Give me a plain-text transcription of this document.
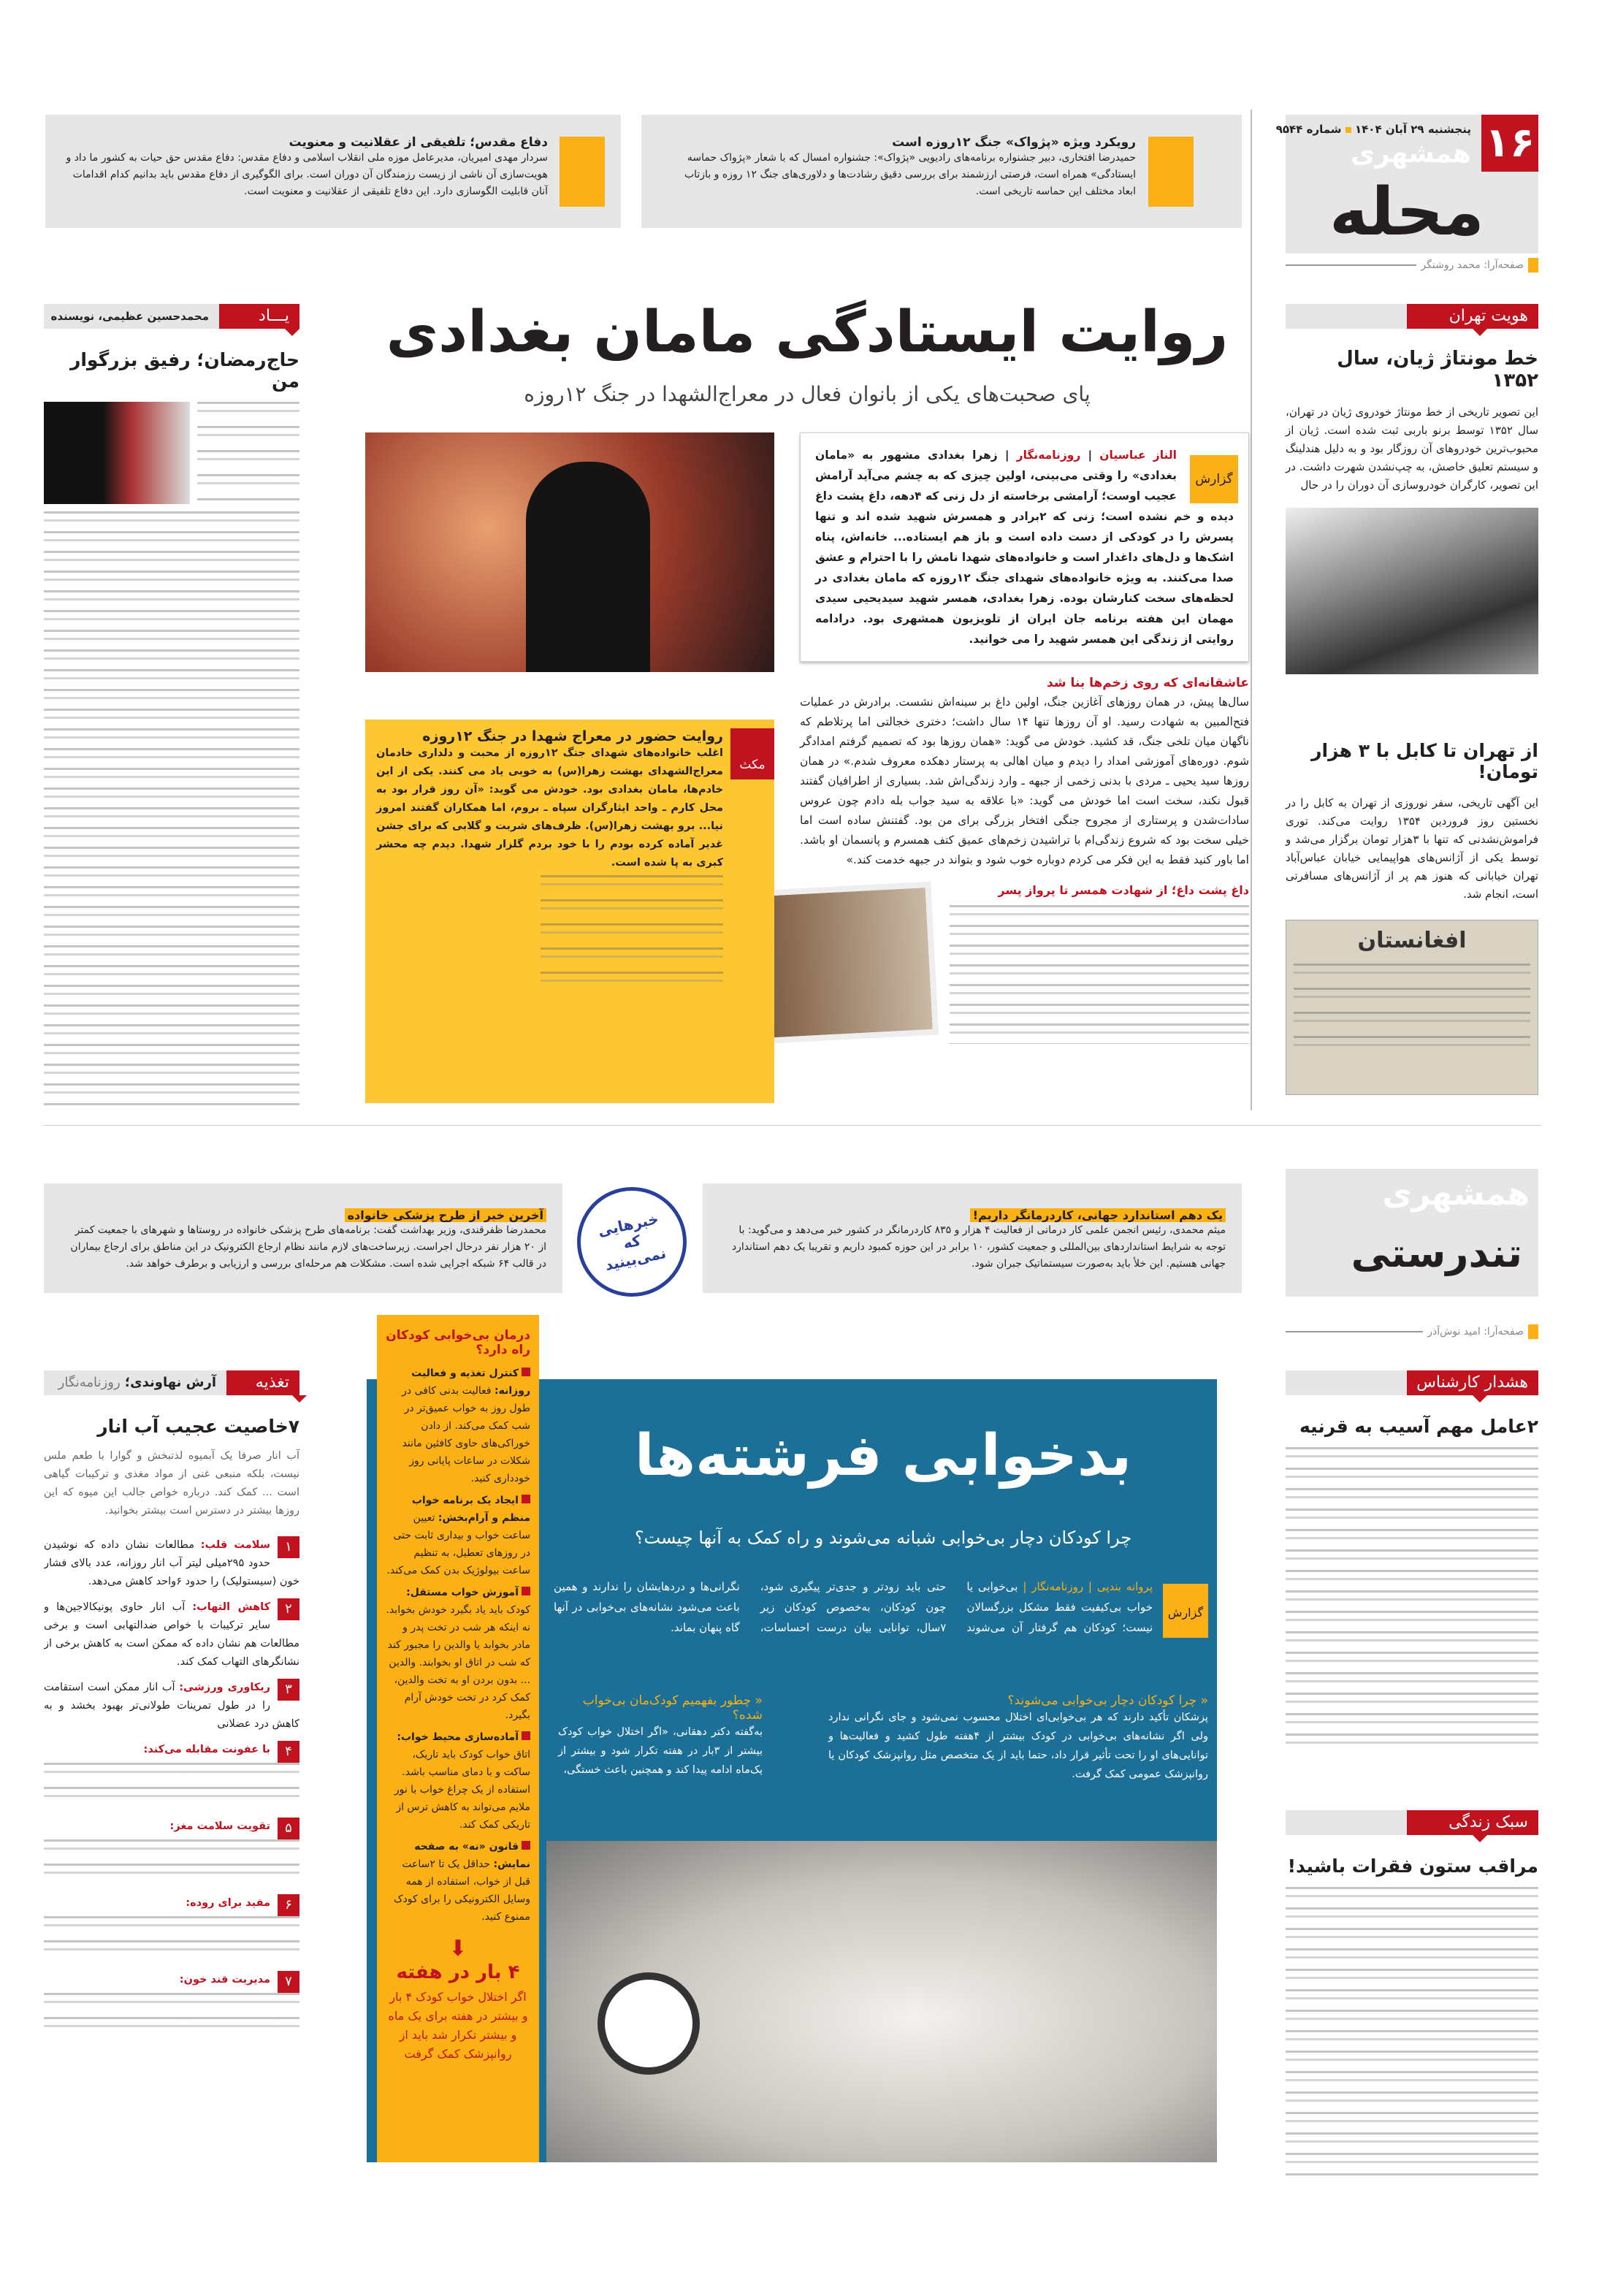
۱۶
پنجشنبه ۲۹ آبان ۱۴۰۴  شماره ۹۵۴۴
همشهری
محله
صفحه‌آرا: محمد روشنگر
رویکرد ویژه «پژواک» جنگ ۱۲روزه است
حمیدرضا افتخاری، دبیر جشنواره برنامه‌های رادیویی «پژواک»: جشنواره امسال که با شعار «پژواک حماسه ایستادگی» همراه است، فرصتی ارزشمند برای بررسی دقیق رشادت‌ها و دلاوری‌های جنگ ۱۲ روزه و بازتاب ابعاد مختلف این حماسه تاریخی است.
دفاع مقدس؛ تلفیقی از عقلانیت و معنویت
سردار مهدی امیریان، مدیرعامل موزه ملی انقلاب اسلامی و دفاع مقدس: دفاع مقدس حق حیات به کشور ما داد و هویت‌سازی آن ناشی از زیست رزمندگان آن دوران است. برای الگوگیری از دفاع مقدس باید بدانیم کدام اقدامات آنان قابلیت الگوسازی دارد. این دفاع تلفیقی از عقلانیت و معنویت است.
هویت تهران
خط مونتاژ ژیان، سال ۱۳۵۲

این تصویر تاریخی از خط مونتاژ خودروی ژیان در تهران، سال ۱۳۵۲ توسط برنو باربی ثبت شده است. ژیان از محبوب‌ترین خودروهای آن روزگار بود و به دلیل هندلینگ و سیستم تعلیق خاصش، به چپ‌نشدن شهرت داشت. در این تصویر، کارگران خودروسازی آن دوران را در حال

از تهران تا کابل با ۳ هزار تومان!

این آگهی تاریخی، سفر نوروزی از تهران به کابل را در نخستین روز فروردین ۱۳۵۴ روایت می‌کند. توری فراموش‌نشدنی که تنها با ۳هزار تومان برگزار می‌شد و توسط یکی از آژانس‌های هواپیمایی خیابان عباس‌آباد تهران خیابانی که هنوز هم پر از آژانس‌های مسافرتی است، انجام شد.

افغانستان
روایت ایستادگی مامان بغدادی
پای صحبت‌های یکی از بانوان فعال در معراج‌الشهدا در جنگ ۱۲روزه
گزارش

الناز عباسیان | روزنامه‌نگار | زهرا بغدادی مشهور به «مامان بغدادی» را وقتی می‌بینی، اولین چیزی که به چشم می‌آید آرامش عجیب اوست؛ آرامشی برخاسته از دل زنی که ۴دهه، داغ پشت داغ دیده و خم نشده است؛ زنی که ۲برادر و همسرش شهید شده اند و تنها پسرش را در کودکی از دست داده است و باز هم ایستاده... خانه‌اش، پناه اشک‌ها و دل‌های داغدار است و خانواده‌های شهدا نامش را با احترام و عشق صدا می‌کنند. به ویژه خانواده‌های شهدای جنگ ۱۲روزه که مامان بغدادی در لحظه‌های سخت کنارشان بوده. زهرا بغدادی، همسر شهید سیدیحیی سیدی مهمان این هفته برنامه جان ایران از تلویزیون همشهری بود. درادامه روایتی از زندگی این همسر شهید را می خوانید.

عاشقانه‌ای که روی زخم‌ها بنا شد

سال‌ها پیش، در همان روزهای آغازین جنگ، اولین داغ بر سینه‌اش نشست. برادرش در عملیات فتح‌المبین به شهادت رسید. او آن روزها تنها ۱۴ سال داشت؛ دختری خجالتی اما پرتلاطم که ناگهان میان تلخی جنگ، قد کشید. خودش می گوید: «همان روزها بود که تصمیم گرفتم امدادگر شوم. دوره‌های آموزشی امداد را دیدم و میان اهالی به پرستار دهکده معروف شدم.» در همان روزها سید یحیی ـ مردی با بدنی زخمی از جبهه ـ وارد زندگی‌اش شد. بسیاری از اطرافیان گفتند قبول نکند، سخت است اما خودش می گوید: «با علاقه به سید جواب بله دادم چون عروس سادات‌شدن و پرستاری از مجروح جنگی افتخار بزرگی برای من بود. گفتنش ساده است اما خیلی سخت بود که شروع زندگی‌ام با تراشیدن زخم‌های عمیق کتف همسرم و پانسمان او باشد. اما باور کنید فقط به این فکر می کردم دوباره خوب شود و بتواند در جبهه خدمت کند.»

داغ پشت داغ؛ از شهادت همسر تا پرواز پسر
مکث
روایت حضور در معراج شهدا در جنگ ۱۲روزه

اغلب خانواده‌های شهدای جنگ ۱۲روزه از محبت و دلداری خادمان معراج‌الشهدای بهشت زهرا(س) به خوبی یاد می کنند. یکی از این خادم‌ها، مامان بغدادی بود. خودش می گوید: «آن روز قرار بود به محل کارم ـ واحد ایثارگران سپاه ـ بروم، اما همکاران گفتند امروز نیا... برو بهشت زهرا(س). ظرف‌های شربت و گلابی که برای جشن غدیر آماده کرده بودم را با خود بردم گلزار شهدا. دیدم چه محشر کبری به پا شده است.

یـــاد
محمدحسین عظیمی، نویسنده
حاج‌رمضان؛ رفیق بزرگوار من
همشهری
تندرستی
صفحه‌آرا: امید نوش‌آذر
یک دهم استاندارد جهانی، کاردرمانگر داریم!
میثم محمدی، رئیس انجمن علمی کار درمانی از فعالیت ۴ هزار و ۸۳۵ کاردرمانگر در کشور خبر می‌دهد و می‌گوید: با توجه به شرایط استانداردهای بین‌المللی و جمعیت کشور، ۱۰ برابر در این حوزه کمبود داریم و تقریبا یک دهم استاندارد جهانی هستیم. این خلأ باید به‌صورت سیستماتیک جبران شود.
آخرین خبر از طرح پزشکی خانواده
محمدرضا ظفرقندی، وزیر بهداشت گفت: برنامه‌های طرح پزشکی خانواده در روستاها و شهرهای با جمعیت کمتر از ۲۰ هزار نفر درحال اجراست. زیرساخت‌های لازم مانند نظام ارجاع الکترونیک در این مناطق برای ارجاع بیماران در قالب ۶۴ شبکه اجرایی شده است. مشکلات هم مرحله‌ای بررسی و ارزیابی و برطرف خواهد شد.
خبرهایی که نمی‌بینید
هشدار کارشناس
۲عامل مهم آسیب به قرنیه
سبک زندگی
مراقب ستون فقرات باشید!
تغذیه
آرش نهاوندی؛ روزنامه‌نگار
۷خاصیت عجیب آب انار

آب انار صرفا یک آبمیوه لذتبخش و گوارا با طعم ملس نیست، بلکه منبعی غنی از مواد مغذی و ترکیبات گیاهی است ... کمک کند. درباره خواص جالب این میوه که این روزها بیشتر در دسترس است بیشتر بخوانید.

۱
سلامت قلب: مطالعات نشان داده که نوشیدن حدود ۲۹۵میلی لیتر آب انار روزانه، عدد بالای فشار خون (سیستولیک) را حدود ۶واحد کاهش می‌دهد.
۲
کاهش التهاب: آب انار حاوی پونیکالاجین‌ها و سایر ترکیبات با خواص ضدالتهابی است و برخی مطالعات هم نشان داده که ممکن است به کاهش برخی از نشانگرهای التهاب کمک کند.
۳
ریکاوری ورزشی: آب انار ممکن است استقامت را در طول تمرینات طولانی‌تر بهبود بخشد و به کاهش درد عضلانی
۴
با عفونت مقابله می‌کند:
۵
تقویت سلامت مغز:
۶
مفید برای روده:
۷
مدیریت قند خون:
بدخوابی فرشته‌ها
چرا کودکان دچار بی‌خوابی شبانه می‌شوند و راه کمک به آنها چیست؟
گزارش
پروانه بندپی | روزنامه‌نگار | بی‌خوابی یا خواب بی‌کیفیت فقط مشکل بزرگسالان نیست؛ کودکان هم گرفتار آن می‌شوند حتی باید زودتر و جدی‌تر پیگیری شود، چون کودکان، به‌خصوص کودکان زیر ۷سال، توانایی بیان درست احساسات، نگرانی‌ها و دردهایشان را ندارند و همین باعث می‌شود نشانه‌های بی‌خوابی در آنها گاه پنهان بماند.
« چرا کودکان دچار بی‌خوابی می‌شوند؟

پزشکان تأکید دارند که هر بی‌خوابی‌ای اختلال محسوب نمی‌شود و جای نگرانی ندارد ولی اگر نشانه‌های بی‌خوابی در کودک بیشتر از ۴هفته طول کشید و فعالیت‌ها و توانایی‌های او را تحت تأثیر قرار داد، حتما باید از یک متخصص مثل روانپزشک کودکان یا روانپزشک عمومی کمک گرفت.

« چطور بفهمیم کودک‌مان بی‌خواب شده؟

به‌گفته دکتر دهقانی، «اگر اختلال خواب کودک بیشتر از ۳بار در هفته تکرار شود و بیشتر از یک‌ماه ادامه پیدا کند و همچنین باعث خستگی،

درمان بی‌خوابی کودکان راه دارد؟
کنترل تغذیه و فعالیت روزانه: فعالیت بدنی کافی در طول روز به خواب عمیق‌تر در شب کمک می‌کند. از دادن خوراکی‌های حاوی کافئین مانند شکلات در ساعات پایانی روز خودداری کنید.
ایجاد یک برنامه خواب منظم و آرام‌بخش: تعیین ساعت خواب و بیداری ثابت حتی در روزهای تعطیل، به تنظیم ساعت بیولوژیک بدن کمک می‌کند.
آموزش خواب مستقل: کودک باید یاد بگیرد خودش بخوابد. نه اینکه هر شب در تخت پدر و مادر بخوابد یا والدین را مجبور کند که شب در اتاق او بخوابند. والدین ... بدون بردن او به تخت والدین، کمک کرد در تخت خودش آرام بگیرد.
آماده‌سازی محیط خواب: اتاق خواب کودک باید تاریک، ساکت و با دمای مناسب باشد. استفاده از یک چراغ خواب با نور ملایم می‌تواند به کاهش ترس از تاریکی کمک کند.
قانون «نه» به صفحه نمایش: حداقل یک تا ۲ساعت قبل از خواب، استفاده از همه وسایل الکترونیکی را برای کودک ممنوع کنید.
⬇
۴ بار در هفته
اگر اختلال خواب کودک ۴ بار و بیشتر در هفته برای یک ماه و بیشتر تکرار شد باید از روانپزشک کمک گرفت
